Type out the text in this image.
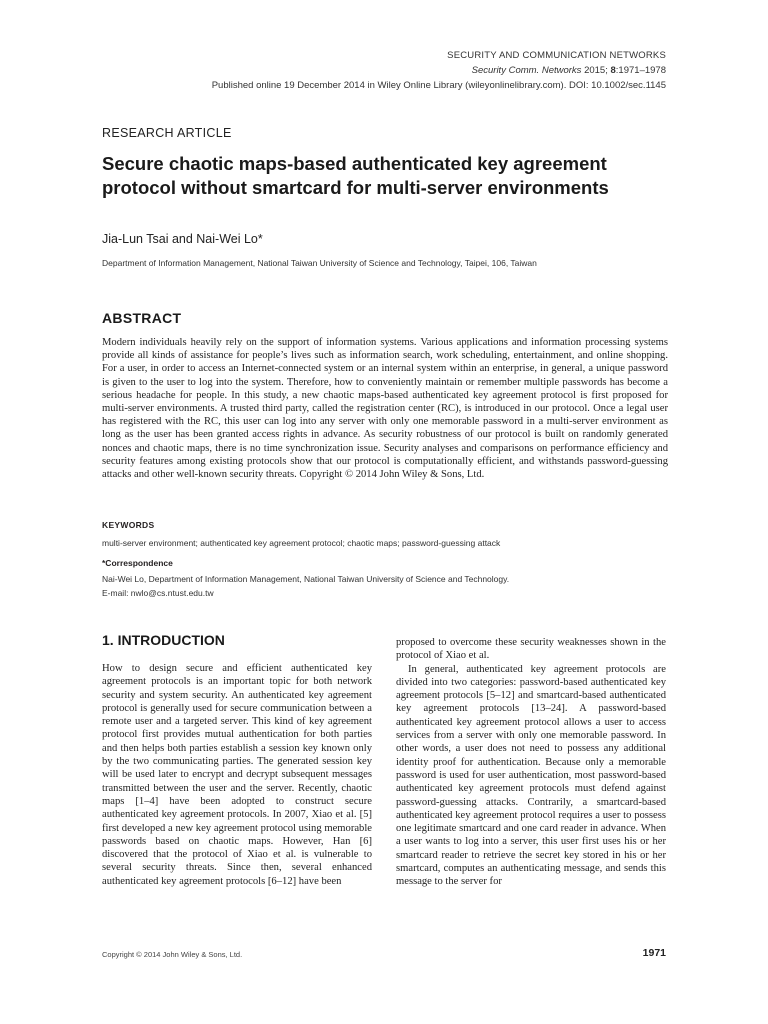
SECURITY AND COMMUNICATION NETWORKS
Security Comm. Networks 2015; 8:1971–1978
Published online 19 December 2014 in Wiley Online Library (wileyonlinelibrary.com). DOI: 10.1002/sec.1145
RESEARCH ARTICLE
Secure chaotic maps-based authenticated key agreement protocol without smartcard for multi-server environments
Jia-Lun Tsai and Nai-Wei Lo*
Department of Information Management, National Taiwan University of Science and Technology, Taipei, 106, Taiwan
ABSTRACT
Modern individuals heavily rely on the support of information systems. Various applications and information processing systems provide all kinds of assistance for people’s lives such as information search, work scheduling, entertainment, and online shopping. For a user, in order to access an Internet-connected system or an internal system within an enterprise, in general, a unique password is given to the user to log into the system. Therefore, how to conveniently maintain or remember multiple passwords has become a serious headache for people. In this study, a new chaotic maps-based authenticated key agreement protocol is first proposed for multi-server environments. A trusted third party, called the registration center (RC), is introduced in our protocol. Once a legal user has registered with the RC, this user can log into any server with only one memorable password in a multi-server environment as long as the user has been granted access rights in advance. As security robustness of our protocol is built on randomly generated nonces and chaotic maps, there is no time synchronization issue. Security analyses and comparisons on performance efficiency and security features among existing protocols show that our protocol is computationally efficient, and withstands password-guessing attacks and other well-known security threats. Copyright © 2014 John Wiley & Sons, Ltd.
KEYWORDS
multi-server environment; authenticated key agreement protocol; chaotic maps; password-guessing attack
*Correspondence
Nai-Wei Lo, Department of Information Management, National Taiwan University of Science and Technology.
E-mail: nwlo@cs.ntust.edu.tw
1. INTRODUCTION

How to design secure and efficient authenticated key agreement protocols is an important topic for both network security and system security. An authenticated key agreement protocol is generally used for secure communication between a remote user and a targeted server. This kind of key agreement protocol first provides mutual authentication for both parties and then helps both parties establish a session key known only by the two communicating parties. The generated session key will be used later to encrypt and decrypt subsequent messages transmitted between the user and the server. Recently, chaotic maps [1–4] have been adopted to construct secure authenticated key agreement protocols. In 2007, Xiao et al. [5] first developed a new key agreement protocol using memorable passwords based on chaotic maps. However, Han [6] discovered that the protocol of Xiao et al. is vulnerable to several security threats. Since then, several enhanced authenticated key agreement protocols [6–12] have been

proposed to overcome these security weaknesses shown in the protocol of Xiao et al.

In general, authenticated key agreement protocols are divided into two categories: password-based authenticated key agreement protocols [5–12] and smartcard-based authenticated key agreement protocols [13–24]. A password-based authenticated key agreement protocol allows a user to access services from a server with only one memorable password. In other words, a user does not need to possess any additional identity proof for authentication. Because only a memorable password is used for user authentication, most password-based authenticated key agreement protocols must defend against password-guessing attacks. Contrarily, a smartcard-based authenticated key agreement protocol requires a user to possess one legitimate smartcard and one card reader in advance. When a user wants to log into a server, this user first uses his or her smartcard reader to retrieve the secret key stored in his or her smartcard, computes an authenticating message, and sends this message to the server for

Copyright © 2014 John Wiley & Sons, Ltd.	1971
